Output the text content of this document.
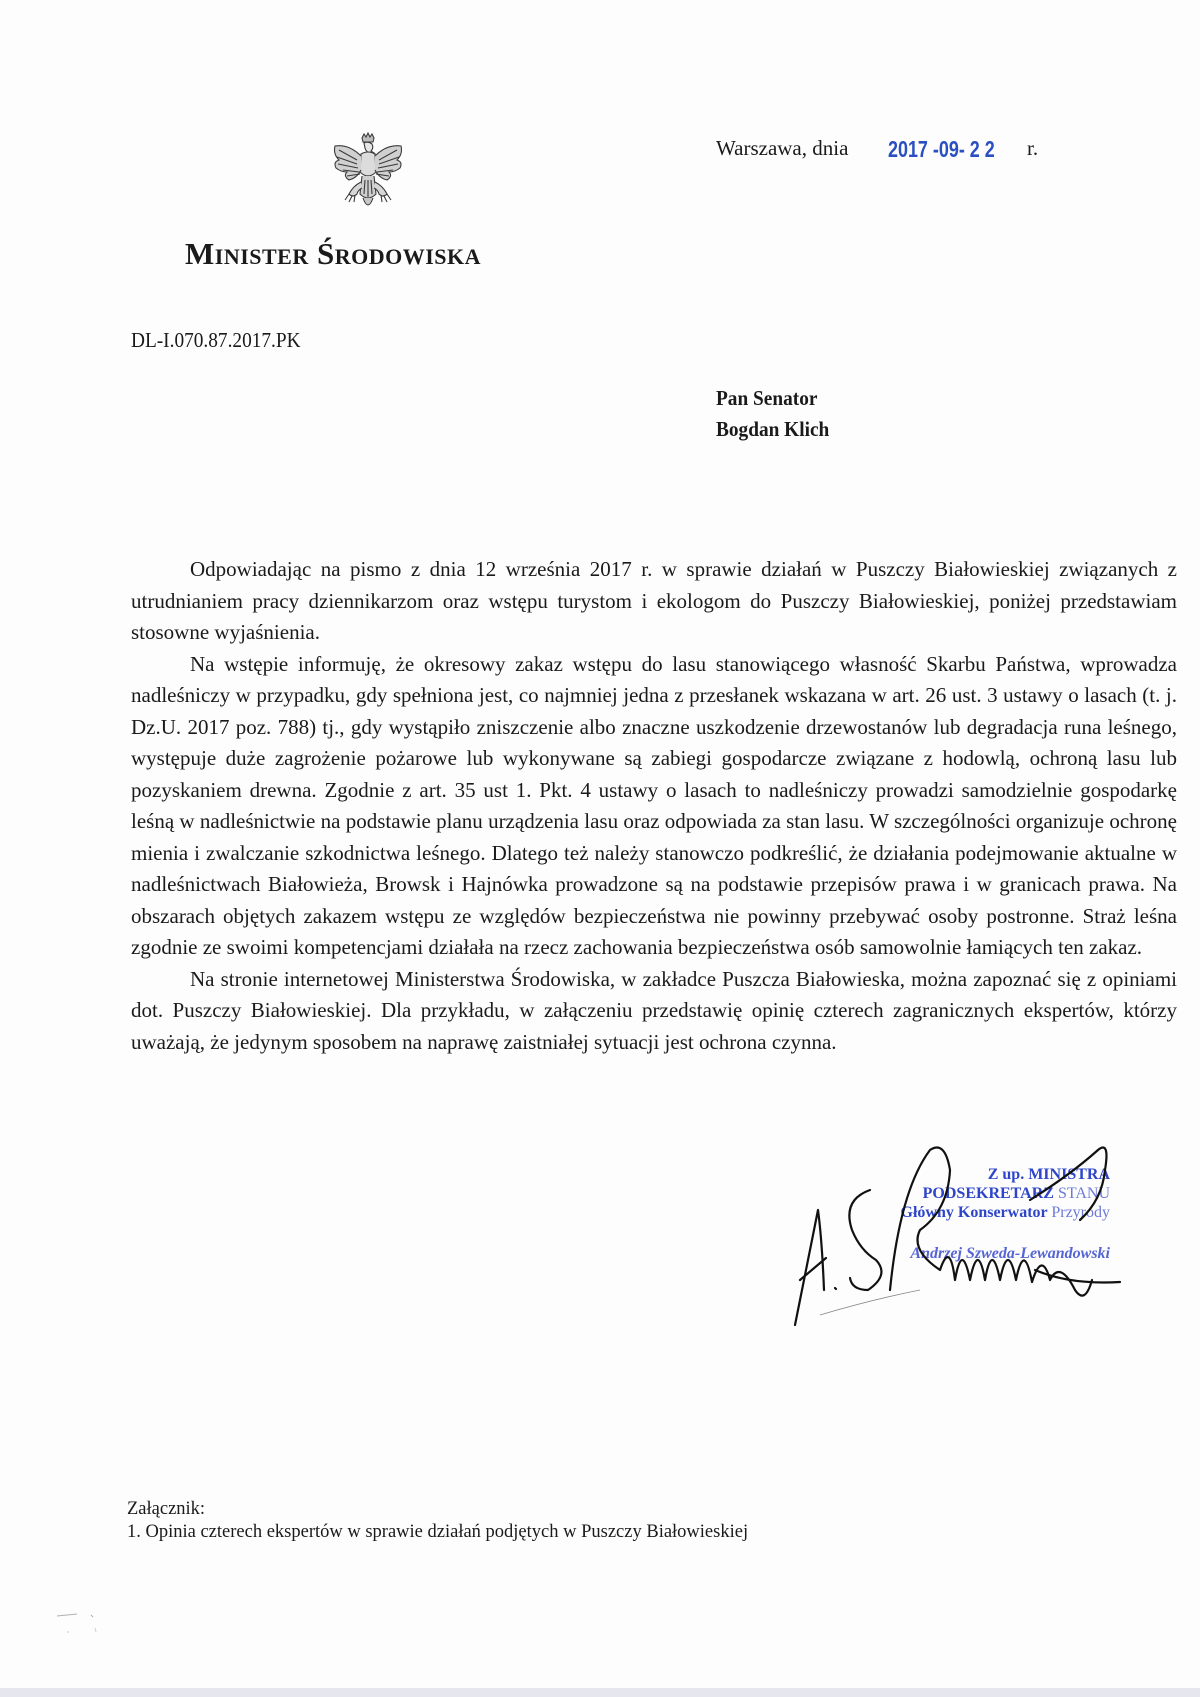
Warszawa, dnia 2017 -09- 2 2 r.
Minister Środowiska
DL-I.070.87.2017.PK
Pan Senator
Bogdan Klich

Odpowiadając na pismo z dnia 12 września 2017 r. w sprawie działań w Puszczy Białowieskiej związanych z utrudnianiem pracy dziennikarzom oraz wstępu turystom i ekologom do Puszczy Białowieskiej, poniżej przedstawiam stosowne wyjaśnienia.

Na wstępie informuję, że okresowy zakaz wstępu do lasu stanowiącego własność Skarbu Państwa, wprowadza nadleśniczy w przypadku, gdy spełniona jest, co najmniej jedna z przesłanek wskazana w art. 26 ust. 3 ustawy o lasach (t. j. Dz.U. 2017 poz. 788) tj., gdy wystąpiło zniszczenie albo znaczne uszkodzenie drzewostanów lub degradacja runa leśnego, występuje duże zagrożenie pożarowe lub wykonywane są zabiegi gospodarcze związane z hodowlą, ochroną lasu lub pozyskaniem drewna. Zgodnie z art. 35 ust 1. Pkt. 4 ustawy o lasach to nadleśniczy prowadzi samodzielnie gospodarkę leśną w nadleśnictwie na podstawie planu urządzenia lasu oraz odpowiada za stan lasu. W szczególności organizuje ochronę mienia i zwalczanie szkodnictwa leśnego. Dlatego też należy stanowczo podkreślić, że działania podejmowanie aktualne w nadleśnictwach Białowieża, Browsk i Hajnówka prowadzone są na podstawie przepisów prawa i w granicach prawa. Na obszarach objętych zakazem wstępu ze względów bezpieczeństwa nie powinny przebywać osoby postronne. Straż leśna zgodnie ze swoimi kompetencjami działała na rzecz zachowania bezpieczeństwa osób samowolnie łamiących ten zakaz.

Na stronie internetowej Ministerstwa Środowiska, w zakładce Puszcza Białowieska, można zapoznać się z opiniami dot. Puszczy Białowieskiej. Dla przykładu, w załączeniu przedstawię opinię czterech zagranicznych ekspertów, którzy uważają, że jedynym sposobem na naprawę zaistniałej sytuacji jest ochrona czynna.

Z up. MINISTRA
PODSEKRETARZ STANU
Główny Konserwator Przyrody
Andrzej Szweda-Lewandowski
Załącznik:
1. Opinia czterech ekspertów w sprawie działań podjętych w Puszczy Białowieskiej
